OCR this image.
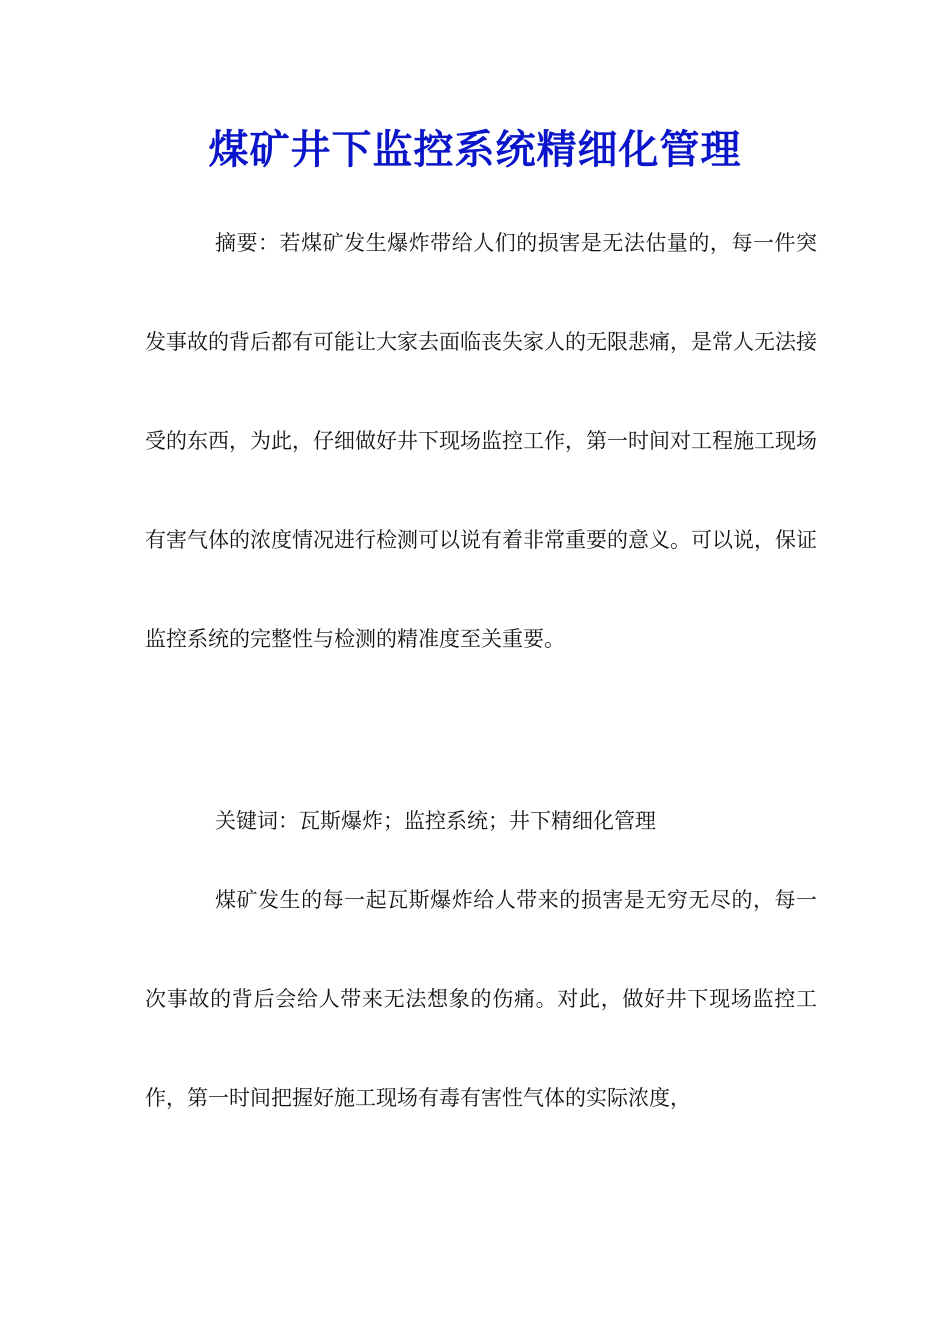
煤矿井下监控系统精细化管理
摘要：若煤矿发生爆炸带给人们的损害是无法估量的，每一件突发事故的背后都有可能让大家去面临丧失家人的无限悲痛，是常人无法接受的东西，为此，仔细做好井下现场监控工作，第一时间对工程施工现场有害气体的浓度情况进行检测可以说有着非常重要的意义。可以说，保证监控系统的完整性与检测的精准度至关重要。
关键词：瓦斯爆炸；监控系统；井下精细化管理
煤矿发生的每一起瓦斯爆炸给人带来的损害是无穷无尽的，每一次事故的背后会给人带来无法想象的伤痛。对此，做好井下现场监控工作，第一时间把握好施工现场有毒有害性气体的实际浓度，
